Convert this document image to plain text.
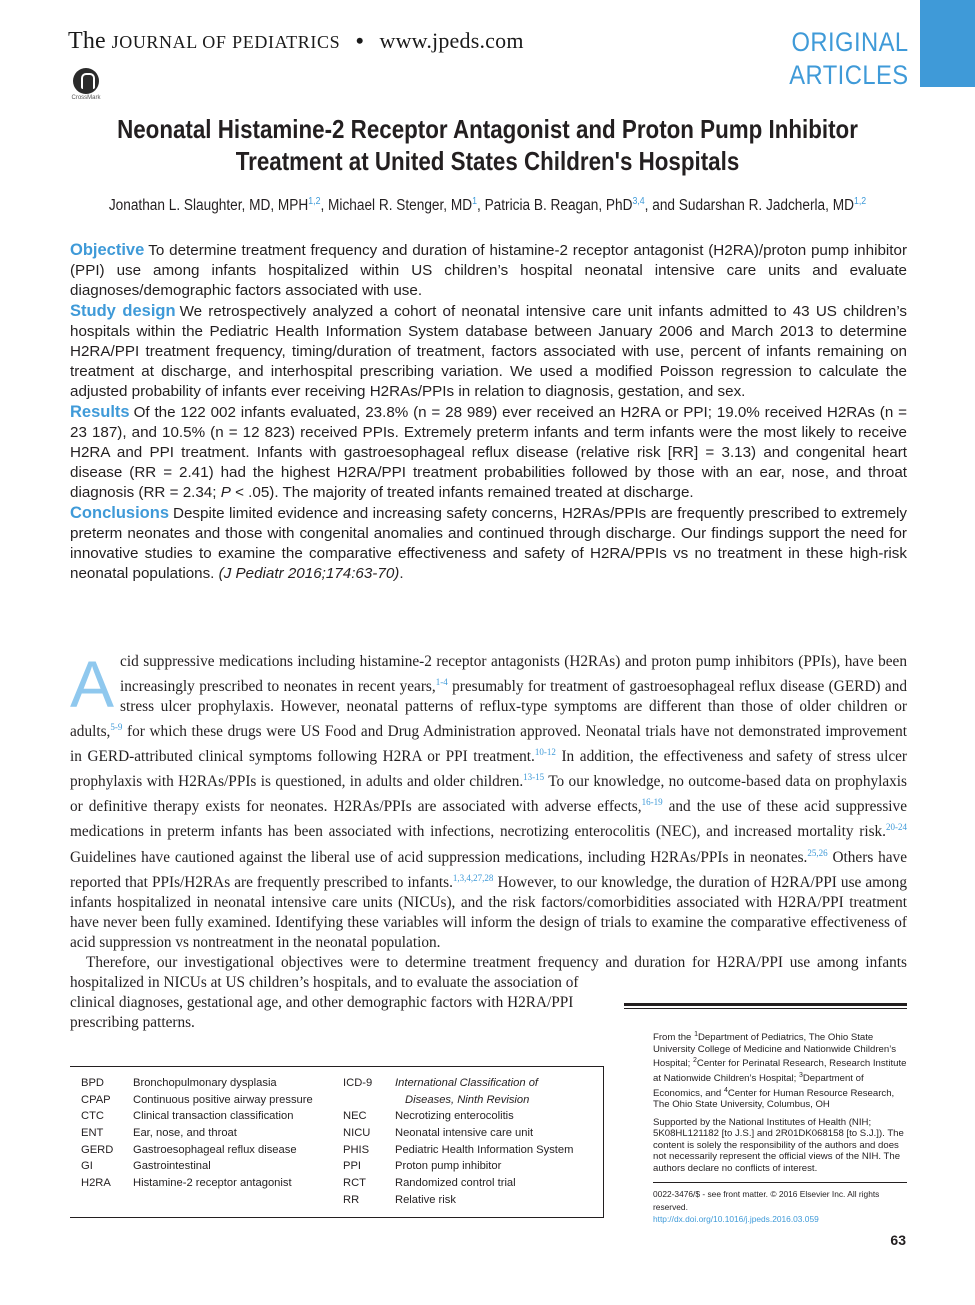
The JOURNAL OF PEDIATRICS • www.jpeds.com	ORIGINAL
ARTICLES
CrossMark
Neonatal Histamine-2 Receptor Antagonist and Proton Pump Inhibitor
Treatment at United States Children's Hospitals
Jonathan L. Slaughter, MD, MPH$^{1,2}$, Michael R. Stenger, $MD^1$, Patricia B. Reagan, PhD$^{3,4}$, and Sudarshan R. Jadcherla, MD$^{1,2}$

Objective To determine treatment frequency and duration of histamine-2 receptor antagonist (H2RA)/proton pump inhibitor (PPI) use among infants hospitalized within US children’s hospital neonatal intensive care units and evaluate diagnoses/demographic factors associated with use.

Study design We retrospectively analyzed a cohort of neonatal intensive care unit infants admitted to 43 US children’s hospitals within the Pediatric Health Information System database between January 2006 and March 2013 to determine H2RA/PPI treatment frequency, timing/duration of treatment, factors associated with use, percent of infants remaining on treatment at discharge, and interhospital prescribing variation. We used a modified Poisson regression to calculate the adjusted probability of infants ever receiving H2RAs/PPIs in relation to diagnosis, gestation, and sex.

Results Of the 122 002 infants evaluated, 23.8% (n = 28 989) ever received an H2RA or PPI; 19.0% received H2RAs (n = 23 187), and 10.5% (n = 12 823) received PPIs. Extremely preterm infants and term infants were the most likely to receive H2RA and PPI treatment. Infants with gastroesophageal reflux disease (relative risk [RR] = 3.13) and congenital heart disease (RR = 2.41) had the highest H2RA/PPI treatment probabilities followed by those with an ear, nose, and throat diagnosis (RR = 2.34; P < .05). The majority of treated infants remained treated at discharge.

Conclusions Despite limited evidence and increasing safety concerns, H2RAs/PPIs are frequently prescribed to extremely preterm neonates and those with congenital anomalies and continued through discharge. Our findings support the need for innovative studies to examine the comparative effectiveness and safety of H2RA/PPIs vs no treatment in these high-risk neonatal populations. (J Pediatr 2016;174:63-70).

Acid suppressive medications including histamine-2 receptor antagonists (H2RAs) and proton pump inhibitors (PPIs), have been increasingly prescribed to neonates in recent years,$^{1-4}$ presumably for treatment of gastroesophageal reflux disease (GERD) and stress ulcer prophylaxis. However, neonatal patterns of reflux-type symptoms are different than those of older children or adults,$^{5-9}$ for which these drugs were US Food and Drug Administration approved. Neonatal trials have not demonstrated improvement in GERD-attributed clinical symptoms following H2RA or PPI treatment.$^{10-12}$ In addition, the effectiveness and safety of stress ulcer prophylaxis with H2RAs/PPIs is questioned, in adults and older children.$^{13-15}$ To our knowledge, no outcome-based data on prophylaxis or definitive therapy exists for neonates. H2RAs/PPIs are associated with adverse effects,$^{16-19}$ and the use of these acid suppressive medications in preterm infants has been associated with infections, necrotizing enterocolitis (NEC), and increased mortality risk.$^{20-24}$ Guidelines have cautioned against the liberal use of acid suppression medications, including H2RAs/PPIs in neonates.$^{25,26}$ Others have reported that PPIs/H2RAs are frequently prescribed to infants.$^{1,3,4,27,28}$ However, to our knowledge, the duration of H2RA/PPI use among infants hospitalized in neonatal intensive care units (NICUs), and the risk factors/comorbidities associated with H2RA/PPI treatment have never been fully examined. Identifying these variables will inform the design of trials to examine the comparative effectiveness of acid suppression vs nontreatment in the neonatal population.

Therefore, our investigational objectives were to determine treatment frequency and duration for H2RA/PPI use among infants hospitalized in NICUs at US children’s hospitals, and to evaluate the association of

clinical diagnoses, gestational age, and other demographic factors with H2RA/PPI
prescribing patterns.

BPD	Bronchopulmonary dysplasia
CPAP	Continuous positive airway pressure
CTC	Clinical transaction classification
ENT	Ear, nose, and throat
GERD	Gastroesophageal reflux disease
GI	Gastrointestinal
H2RA	Histamine-2 receptor antagonist
ICD-9	International Classification of
Diseases, Ninth Revision
NEC	Necrotizing enterocolitis
NICU	Neonatal intensive care unit
PHIS	Pediatric Health Information System
PPI	Proton pump inhibitor
RCT	Randomized control trial
RR	Relative risk

From the $^1$Department of Pediatrics, The Ohio State University College of Medicine and Nationwide Children’s Hospital; $^2$Center for Perinatal Research, Research Institute at Nationwide Children’s Hospital; $^3$Department of Economics, and $^4$Center for Human Resource Research, The Ohio State University, Columbus, OH

Supported by the National Institutes of Health (NIH; 5K08HL121182 [to J.S.] and 2R01DK068158 [to S.J.]). The content is solely the responsibility of the authors and does not necessarily represent the official views of the NIH. The authors declare no conflicts of interest.

0022-3476/$ - see front matter. © 2016 Elsevier Inc. All rights reserved.
http://dx.doi.org/10.1016/j.jpeds.2016.03.059
63
